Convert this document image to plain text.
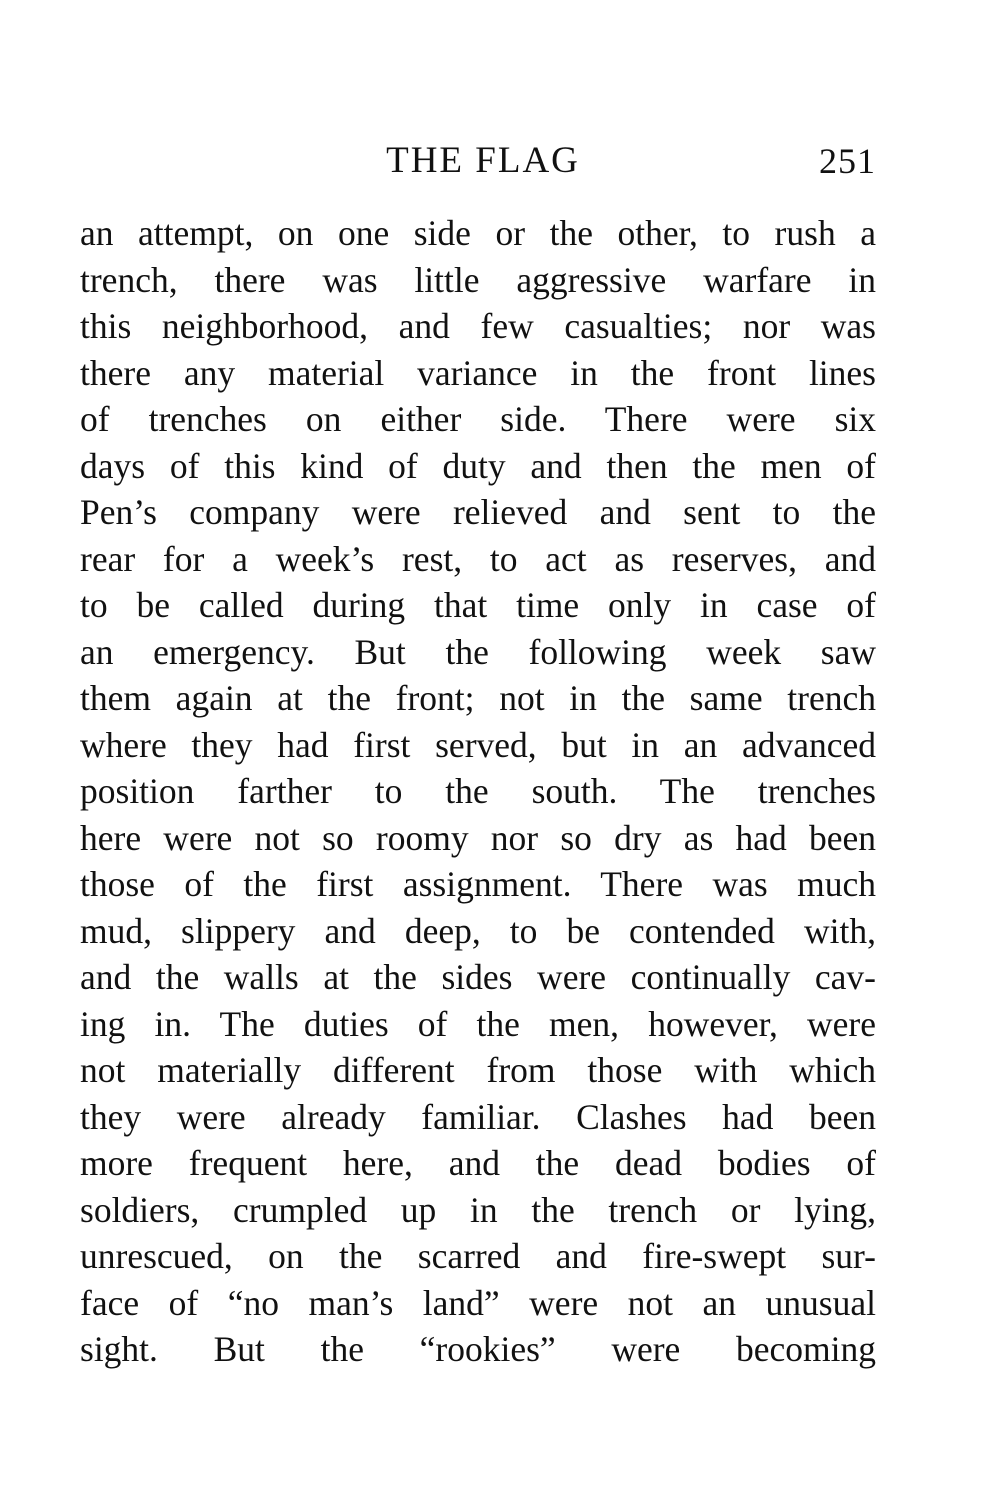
THE FLAG	251
an attempt, on one side or the other, to rush a
trench, there was little aggressive warfare in
this neighborhood, and few casualties; nor was
there any material variance in the front lines
of trenches on either side. There were six
days of this kind of duty and then the men of
Pen’s company were relieved and sent to the
rear for a week’s rest, to act as reserves, and
to be called during that time only in case of
an emergency. But the following week saw
them again at the front; not in the same trench
where they had first served, but in an advanced
position farther to the south. The trenches
here were not so roomy nor so dry as had been
those of the first assignment. There was much
mud, slippery and deep, to be contended with,
and the walls at the sides were continually cav-
ing in. The duties of the men, however, were
not materially different from those with which
they were already familiar. Clashes had been
more frequent here, and the dead bodies of
soldiers, crumpled up in the trench or lying,
unrescued, on the scarred and fire-swept sur-
face of “no man’s land” were not an unusual
sight. But the “rookies” were becoming
